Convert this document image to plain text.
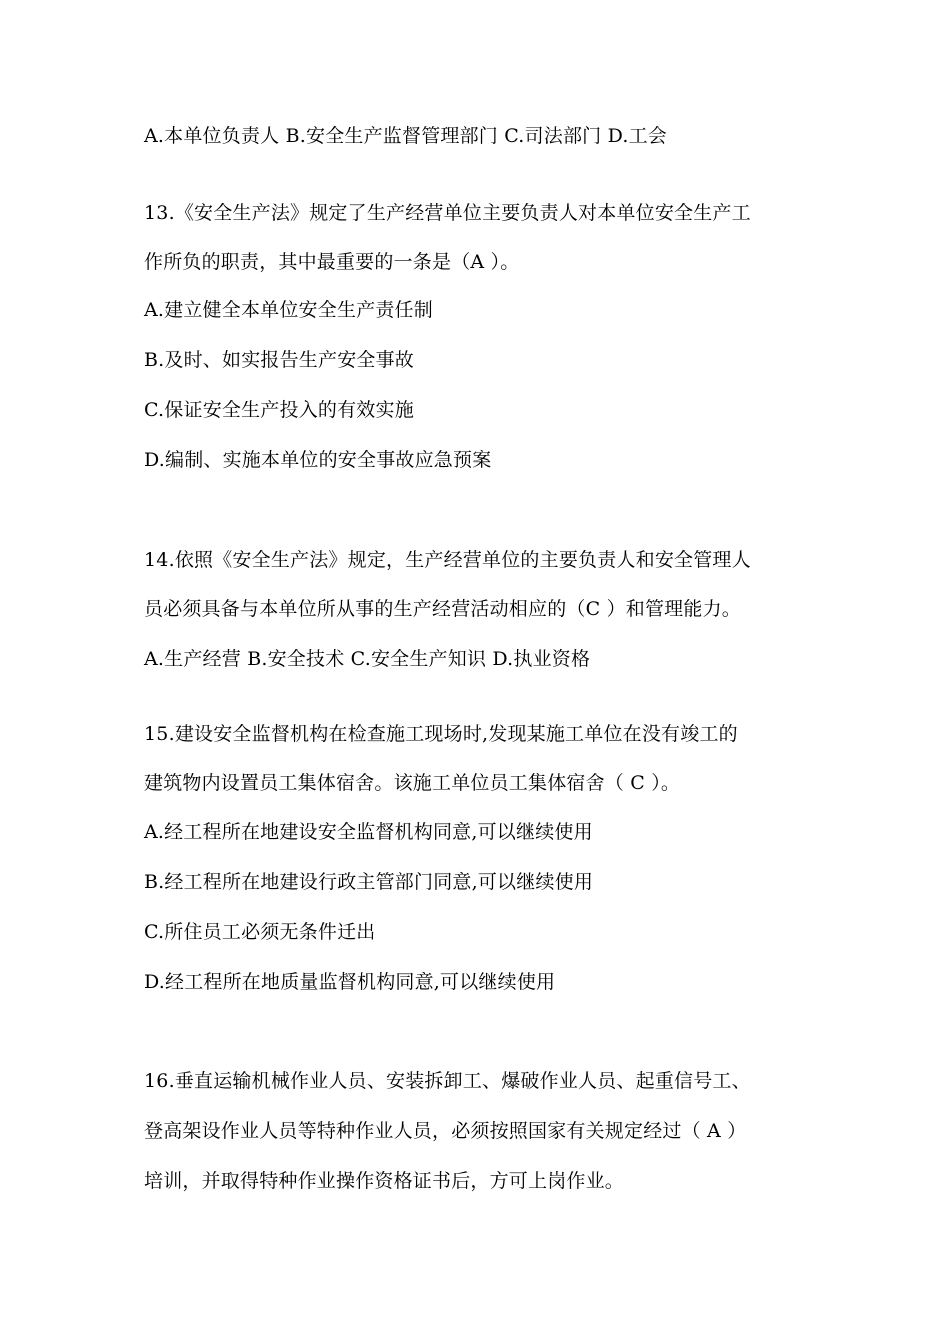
A.本单位负责人 B.安全生产监督管理部门 C.司法部门 D.工会
13.《安全生产法》规定了生产经营单位主要负责人对本单位安全生产工
作所负的职责，其中最重要的一条是（A ）。
A.建立健全本单位安全生产责任制
B.及时、如实报告生产安全事故
C.保证安全生产投入的有效实施
D.编制、实施本单位的安全事故应急预案
14.依照《安全生产法》规定，生产经营单位的主要负责人和安全管理人
员必须具备与本单位所从事的生产经营活动相应的（C ）和管理能力。
A.生产经营 B.安全技术 C.安全生产知识 D.执业资格
15.建设安全监督机构在检查施工现场时,发现某施工单位在没有竣工的
建筑物内设置员工集体宿舍。该施工单位员工集体宿舍（ C ）。
A.经工程所在地建设安全监督机构同意,可以继续使用
B.经工程所在地建设行政主管部门同意,可以继续使用
C.所住员工必须无条件迁出
D.经工程所在地质量监督机构同意,可以继续使用
16.垂直运输机械作业人员、安装拆卸工、爆破作业人员、起重信号工、
登高架设作业人员等特种作业人员，必须按照国家有关规定经过（ A ）
培训，并取得特种作业操作资格证书后，方可上岗作业。
